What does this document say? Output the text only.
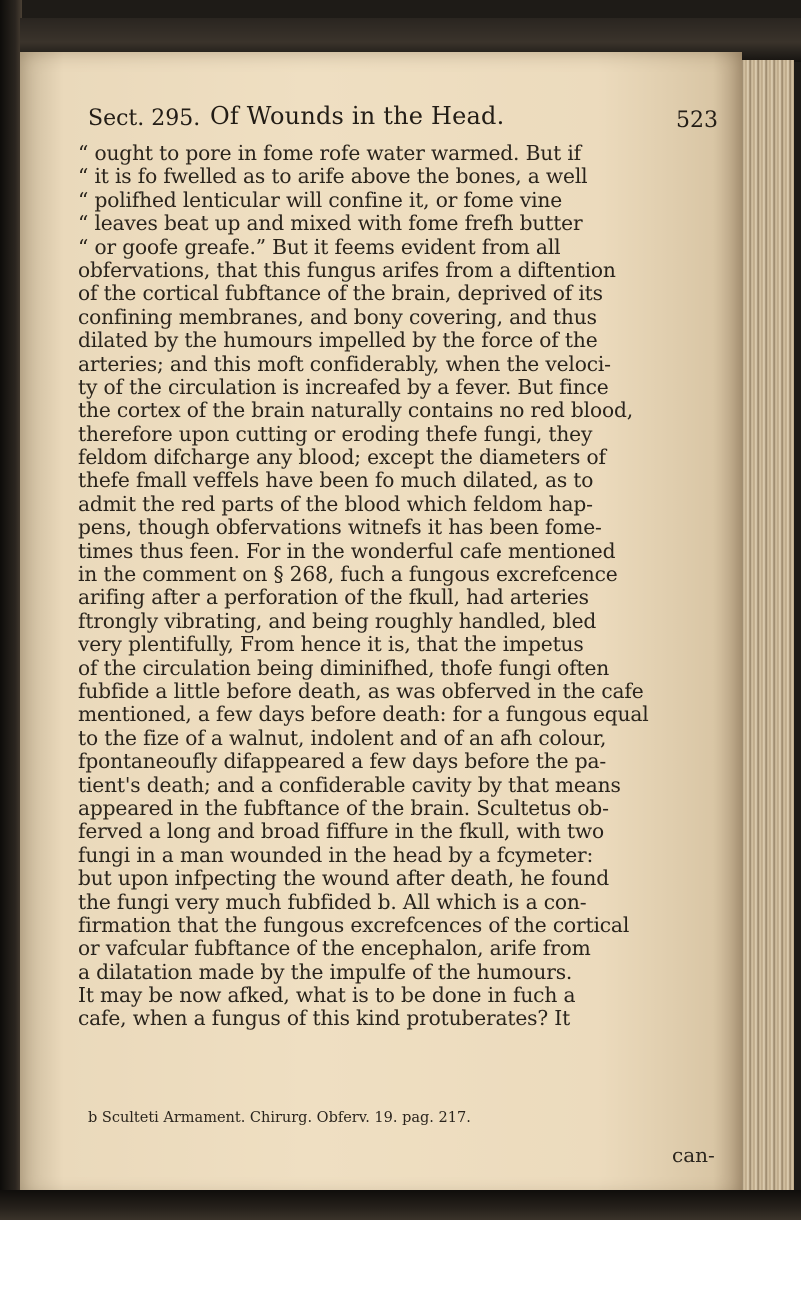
Sect. 295. Of Wounds in the Head.	523
“ ought to pore in fome rofe water warmed. But if
“ it is fo fwelled as to arife above the bones, a well
“ polifhed lenticular will confine it, or fome vine
“ leaves beat up and mixed with fome frefh butter
“ or goofe greafe.” But it feems evident from all
obfervations, that this fungus arifes from a diftention
of the cortical fubftance of the brain, deprived of its
confining membranes, and bony covering, and thus
dilated by the humours impelled by the force of the
arteries; and this moft confiderably, when the veloci-
ty of the circulation is increafed by a fever. But fince
the cortex of the brain naturally contains no red blood,
therefore upon cutting or eroding thefe fungi, they
feldom difcharge any blood; except the diameters of
thefe fmall veffels have been fo much dilated, as to
admit the red parts of the blood which feldom hap-
pens, though obfervations witnefs it has been fome-
times thus feen. For in the wonderful cafe mentioned
in the comment on § 268, fuch a fungous excrefcence
arifing after a perforation of the fkull, had arteries
ftrongly vibrating, and being roughly handled, bled
very plentifully, From hence it is, that the impetus
of the circulation being diminifhed, thofe fungi often
fubfide a little before death, as was obferved in the cafe
mentioned, a few days before death: for a fungous equal
to the fize of a walnut, indolent and of an afh colour,
fpontaneoufly difappeared a few days before the pa-
tient's death; and a confiderable cavity by that means
appeared in the fubftance of the brain. Scultetus ob-
ferved a long and broad fiffure in the fkull, with two
fungi in a man wounded in the head by a fcymeter:
but upon infpecting the wound after death, he found
the fungi very much fubfided b. All which is a con-
firmation that the fungous excrefcences of the cortical
or vafcular fubftance of the encephalon, arife from
a dilatation made by the impulfe of the humours.
It may be now afked, what is to be done in fuch a
cafe, when a fungus of this kind protuberates? It
b Sculteti Armament. Chirurg. Obferv. 19. pag. 217.
can-
